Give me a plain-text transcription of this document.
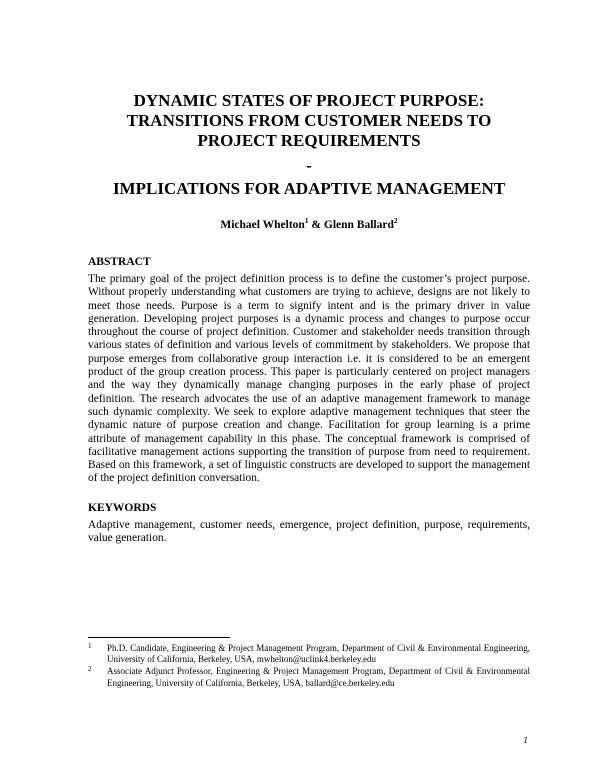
DYNAMIC STATES OF PROJECT PURPOSE:
TRANSITIONS FROM CUSTOMER NEEDS TO
PROJECT REQUIREMENTS
-
IMPLICATIONS FOR ADAPTIVE MANAGEMENT
Michael Whelton$^1$ & Glenn Ballard$^2$
ABSTRACT
The primary goal of the project definition process is to define the customer’s project purpose. Without properly understanding what customers are trying to achieve, designs are not likely to meet those needs. Purpose is a term to signify intent and is the primary driver in value generation. Developing project purposes is a dynamic process and changes to purpose occur throughout the course of project definition. Customer and stakeholder needs transition through various states of definition and various levels of commitment by stakeholders. We propose that purpose emerges from collaborative group interaction i.e. it is considered to be an emergent product of the group creation process. This paper is particularly centered on project managers and the way they dynamically manage changing purposes in the early phase of project definition. The research advocates the use of an adaptive management framework to manage such dynamic complexity. We seek to explore adaptive management techniques that steer the dynamic nature of purpose creation and change. Facilitation for group learning is a prime attribute of management capability in this phase. The conceptual framework is comprised of facilitative management actions supporting the transition of purpose from need to requirement. Based on this framework, a set of linguistic constructs are developed to support the management of the project definition conversation.
KEYWORDS
Adaptive management, customer needs, emergence, project definition, purpose, requirements, value generation.
1 Ph.D. Candidate, Engineering & Project Management Program, Department of Civil & Environmental Engineering, University of California, Berkeley, USA, mwhelton@uclink4.berkeley.edu
2 Associate Adjunct Professor, Engineering & Project Management Program, Department of Civil & Environmental Engineering, University of California, Berkeley, USA, ballard@ce.berkeley.edu
1
